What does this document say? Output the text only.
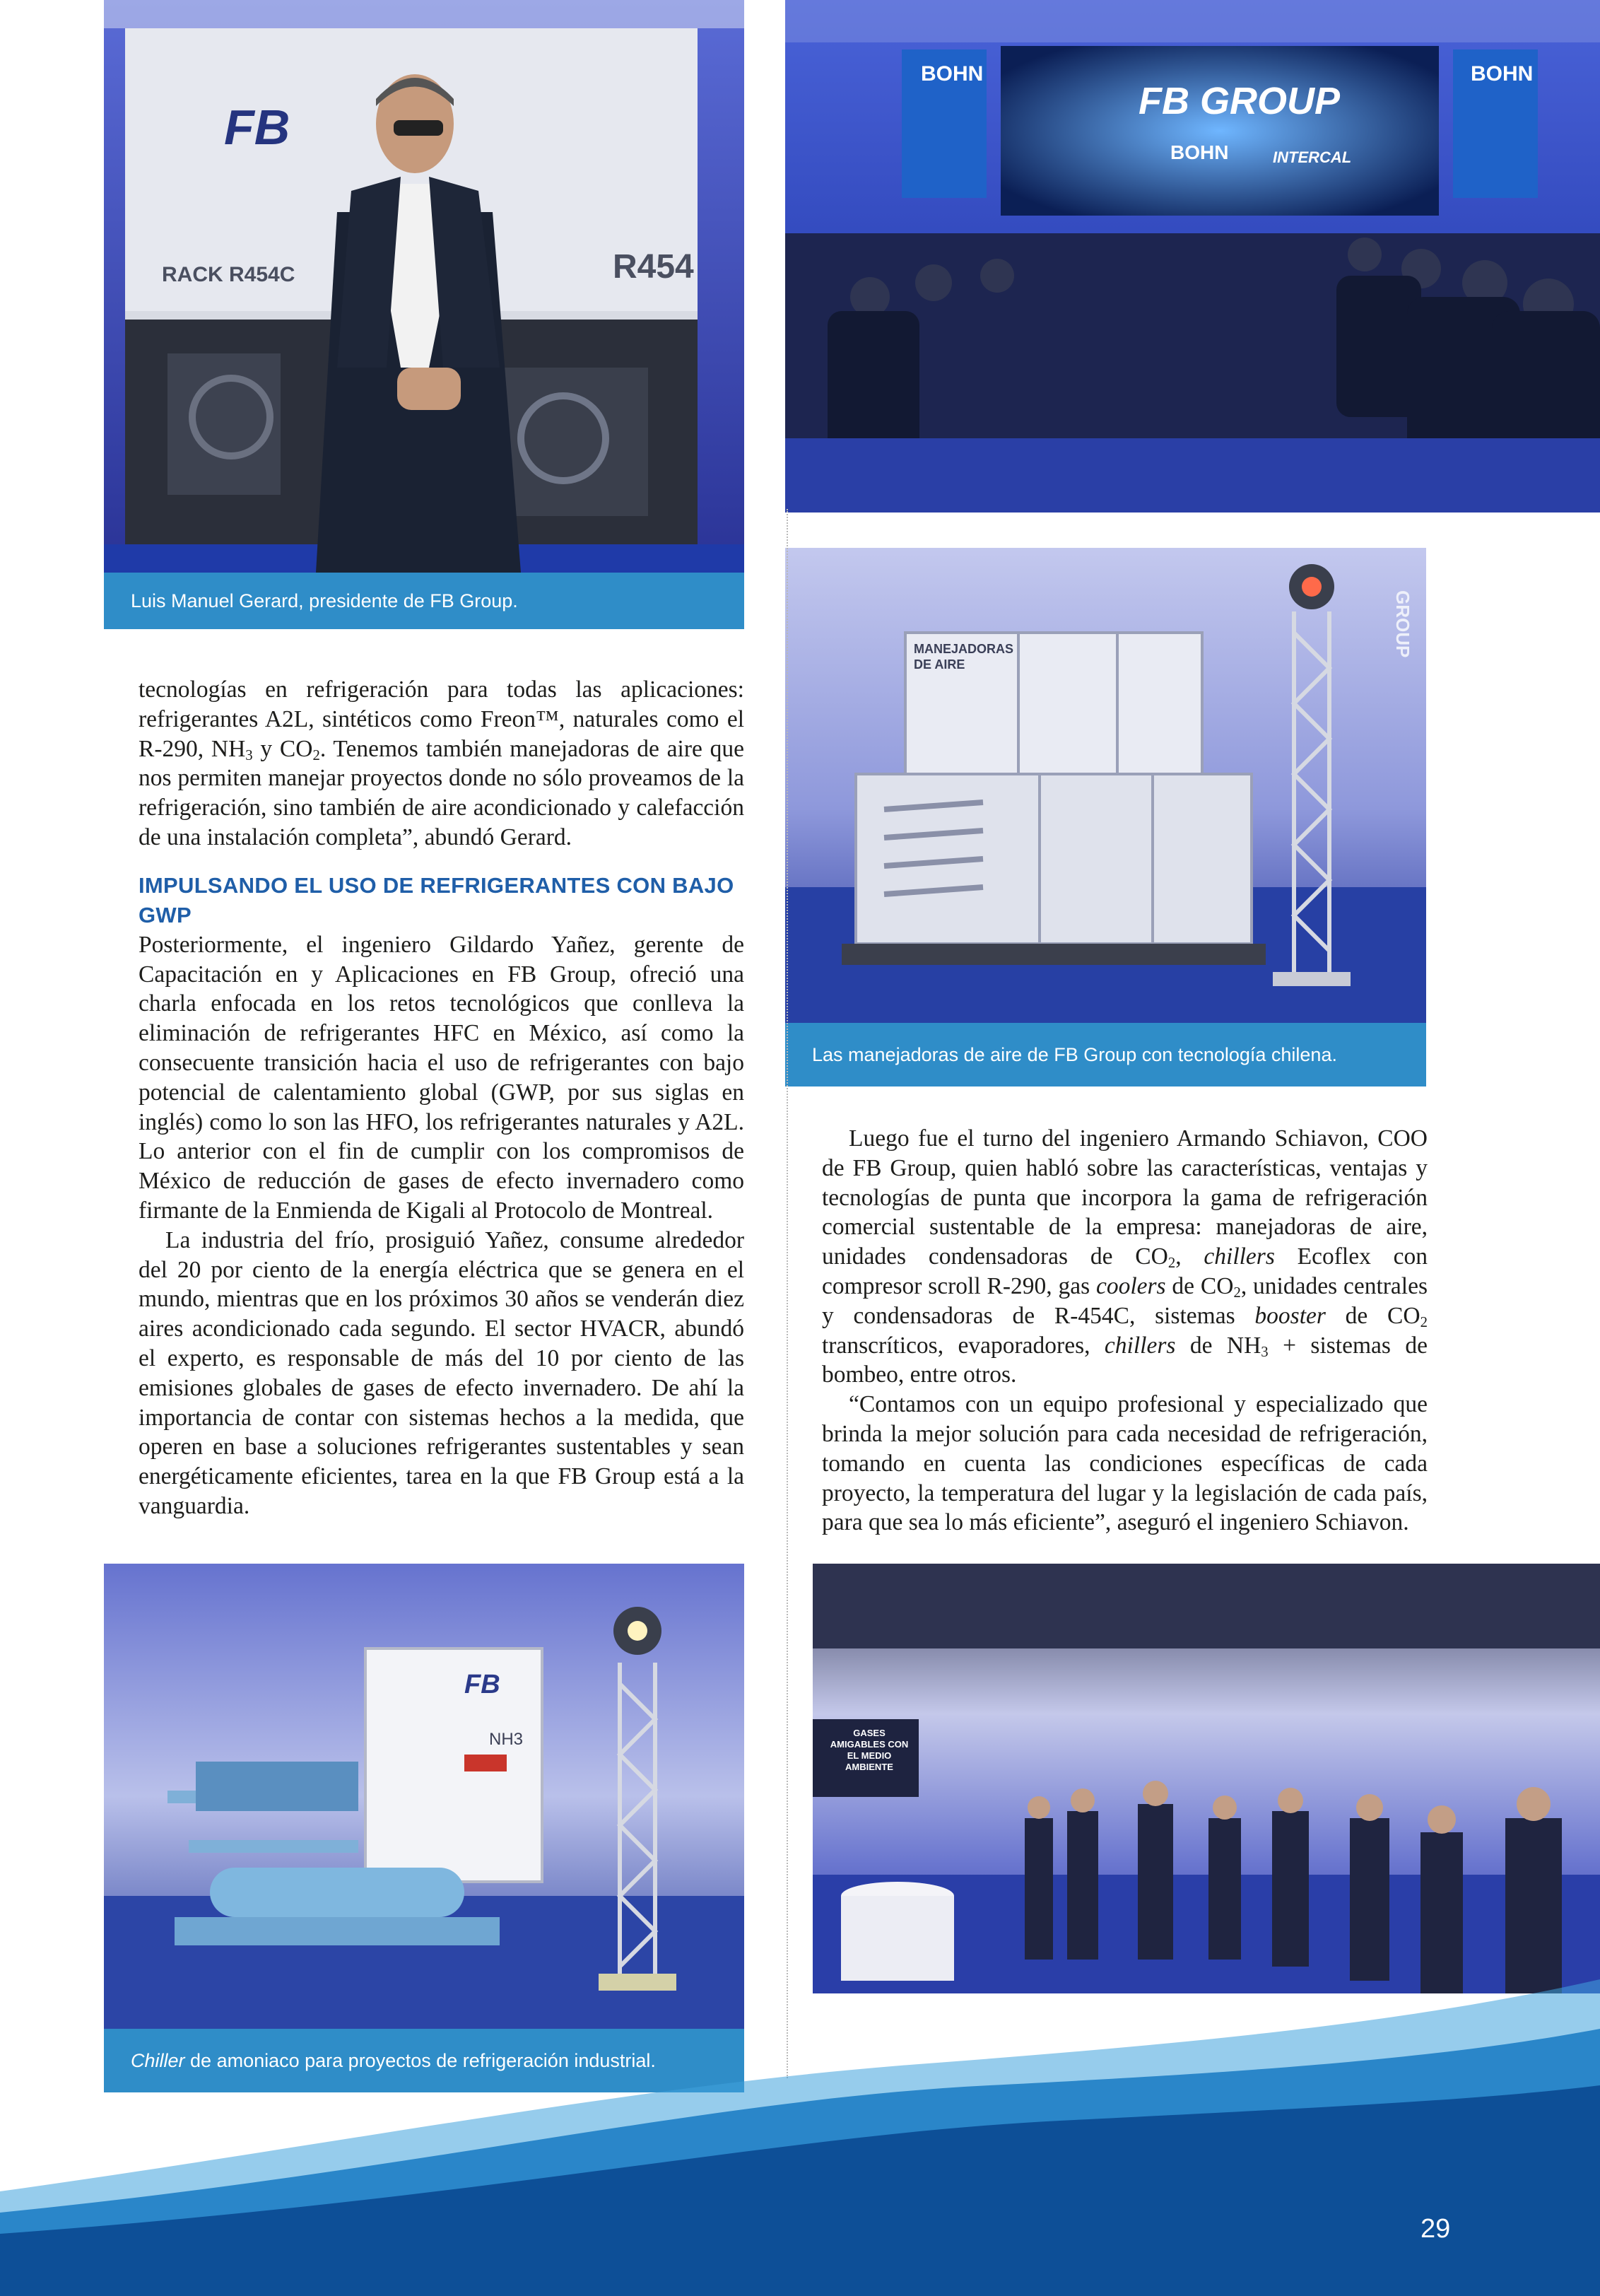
FB
RACK R454C	R454
Luis Manuel Gerard, presidente de FB Group.
BOHN
FB GROUP
BOHN	INTERCAL
BOHN
MANEJADORAS DE AIRE
GROUP
Las manejadoras de aire de FB Group con tecnología chilena.

tecnologías en refrigeración para todas las aplicaciones: refrigerantes A2L, sintéticos como Freon™, naturales como el R-290, $NH_3$ y $CO_2$. Tenemos también manejadoras de aire que nos permiten manejar proyectos donde no sólo proveamos de la refrigeración, sino también de aire acondicionado y calefacción de una instalación completa”, abundó Gerard.

IMPULSANDO EL USO DE REFRIGERANTES CON BAJO GWP

Posteriormente, el ingeniero Gildardo Yañez, gerente de Capacitación en y Aplicaciones en FB Group, ofreció una charla enfocada en los retos tecnológicos que conlleva la eliminación de refrigerantes HFC en México, así como la consecuente transición hacia el uso de refrigerantes con bajo potencial de calentamiento global (GWP, por sus siglas en inglés) como lo son las HFO, los refrigerantes naturales y A2L. Lo anterior con el fin de cumplir con los compromisos de México de reducción de gases de efecto invernadero como firmante de la Enmienda de Kigali al Protocolo de Montreal.

La industria del frío, prosiguió Yañez, consume alrededor del 20 por ciento de la energía eléctrica que se genera en el mundo, mientras que en los próximos 30 años se venderán diez aires acondicionado cada segundo. El sector HVACR, abundó el experto, es responsable de más del 10 por ciento de las emisiones globales de gases de efecto invernadero. De ahí la importancia de contar con sistemas hechos a la medida, que operen en base a soluciones refrigerantes sustentables y sean energéticamente eficientes, tarea en la que FB Group está a la vanguardia.

Luego fue el turno del ingeniero Armando Schiavon, COO de FB Group, quien habló sobre las características, ventajas y tecnologías de punta que incorpora la gama de refrigeración comercial sustentable de la empresa: manejadoras de aire, unidades condensadoras de $CO_2$, chillers Ecoflex con compresor scroll R-290, gas coolers de $CO_2$, unidades centrales y condensadoras de R-454C, sistemas booster de $CO_2$ transcríticos, evaporadores, chillers de $NH_3$ + sistemas de bombeo, entre otros.

“Contamos con un equipo profesional y especializado que brinda la mejor solución para cada necesidad de refrigeración, tomando en cuenta las condiciones específicas de cada proyecto, la temperatura del lugar y la legislación de cada país, para que sea lo más eficiente”, aseguró el ingeniero Schiavon.

FB
NH3
Chiller de amoniaco para proyectos de refrigeración industrial.
GASES AMIGABLES CON EL MEDIO AMBIENTE
29
